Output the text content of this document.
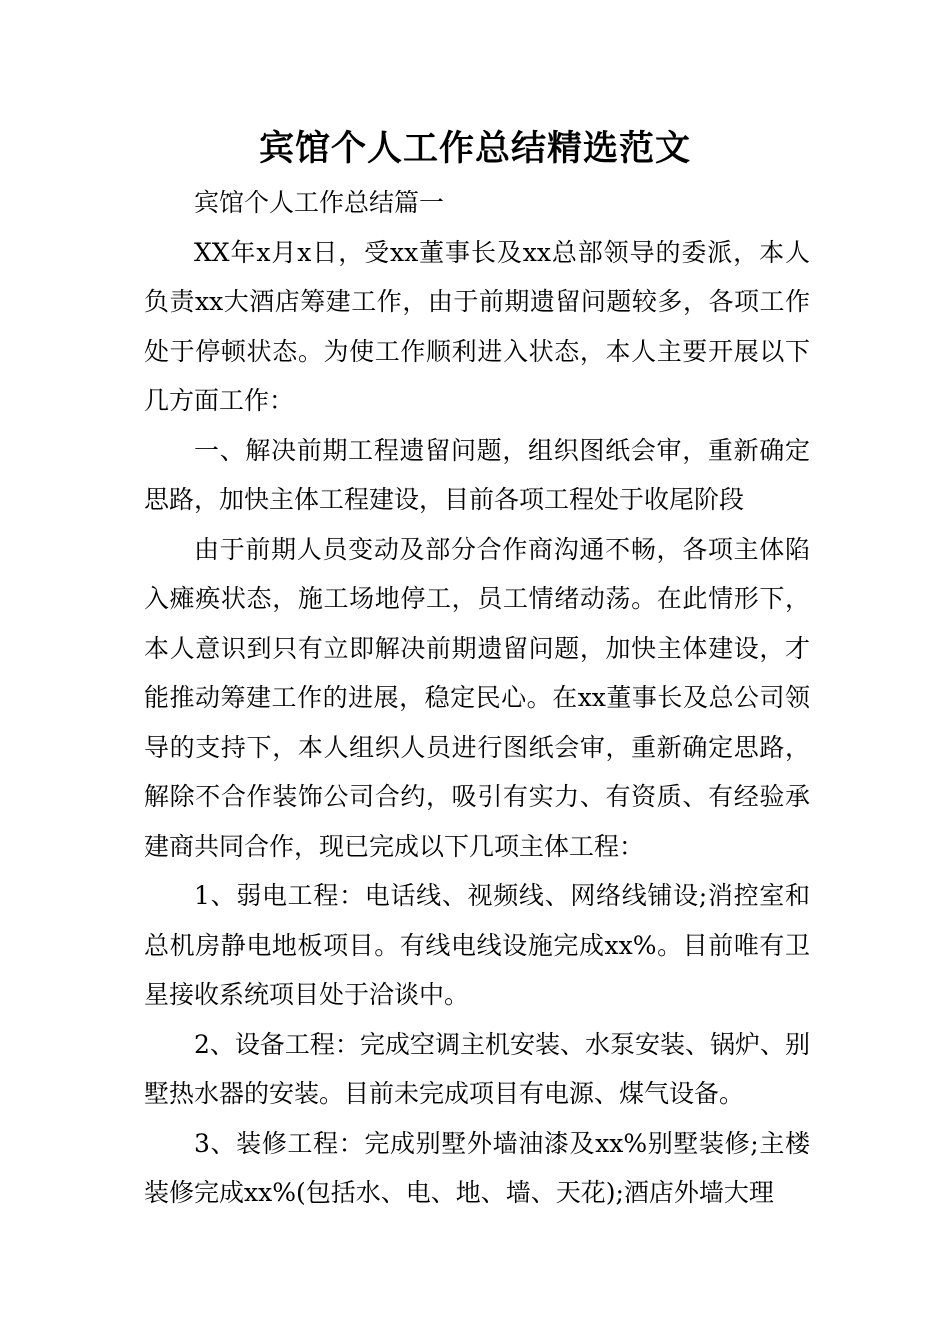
宾馆个人工作总结精选范文

宾馆个人工作总结篇一

XX年x月x日，受xx董事长及xx总部领导的委派，本人负责xx大酒店筹建工作，由于前期遗留问题较多，各项工作处于停顿状态。为使工作顺利进入状态，本人主要开展以下几方面工作：

一、解决前期工程遗留问题，组织图纸会审，重新确定思路，加快主体工程建设，目前各项工程处于收尾阶段

由于前期人员变动及部分合作商沟通不畅，各项主体陷入瘫痪状态，施工场地停工，员工情绪动荡。在此情形下，本人意识到只有立即解决前期遗留问题，加快主体建设，才能推动筹建工作的进展，稳定民心。在xx董事长及总公司领导的支持下，本人组织人员进行图纸会审，重新确定思路，解除不合作装饰公司合约，吸引有实力、有资质、有经验承建商共同合作，现已完成以下几项主体工程：

1、弱电工程：电话线、视频线、网络线铺设;消控室和总机房静电地板项目。有线电线设施完成xx%。目前唯有卫星接收系统项目处于洽谈中。

2、设备工程：完成空调主机安装、水泵安装、锅炉、别墅热水器的安装。目前未完成项目有电源、煤气设备。

3、装修工程：完成别墅外墙油漆及xx%别墅装修;主楼装修完成xx%(包括水、电、地、墙、天花);酒店外墙大理
